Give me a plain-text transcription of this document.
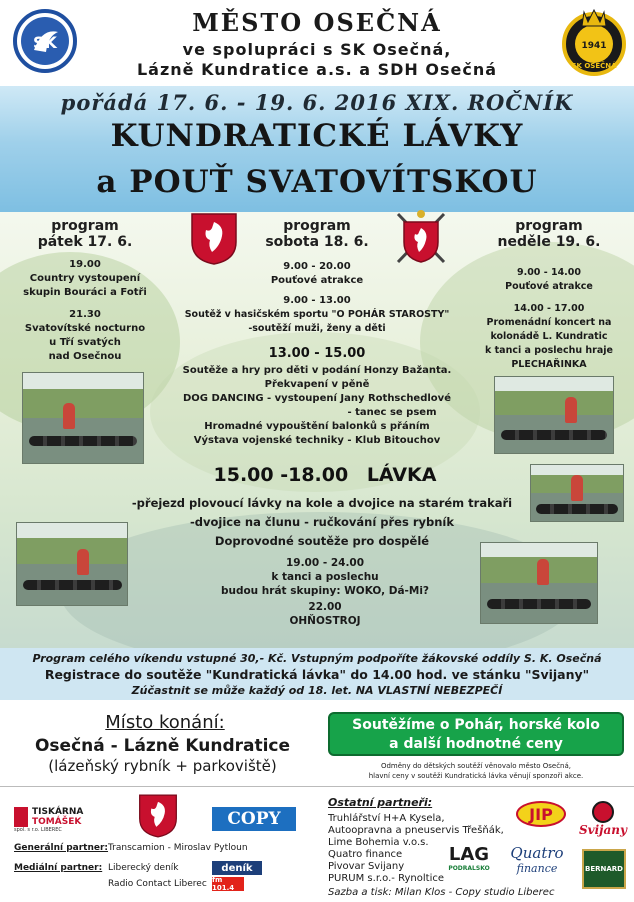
SK
MĚSTO OSEČNÁ
ve spolupráci s SK Osečná,
Lázně Kundratice a.s. a SDH Osečná
1941
SK OSEČNÁ
pořádá 17. 6. - 19. 6. 2016 XIX. ROČNÍK
KUNDRATICKÉ LÁVKY
a POUŤ SVATOVÍTSKOU
program
pátek 17. 6.
19.00
Country vystoupení
skupin Bouráci a Fotři
21.30
Svatovítské nocturno
u Tří svatých
nad Osečnou
program
sobota 18. 6.
9.00 - 20.00
Pouťové atrakce
9.00 - 13.00
Soutěž v hasičském sportu "O POHÁR STAROSTY"
-soutěží muži, ženy a děti
13.00 - 15.00
Soutěže a hry pro děti v podání Honzy Bažanta.
Překvapení v pěně
DOG DANCING - vystoupení Jany Rothschedlové
- tanec se psem
Hromadné vypouštění balonků s přáním
Výstava vojenské techniky - Klub Bitouchov
15.00 -18.00 LÁVKA
-přejezd plovoucí lávky na kole a dvojice na starém trakaři
-dvojice na člunu - ručkování přes rybník
Doprovodné soutěže pro dospělé
19.00 - 24.00
k tanci a poslechu
budou hrát skupiny: WOKO, Dá-Mi?
22.00
OHŇOSTROJ
program
neděle 19. 6.
9.00 - 14.00
Pouťové atrakce
14.00 - 17.00
Promenádní koncert na
kolonádě L. Kundratic
k tanci a poslechu hraje
PLECHAŘINKA
Program celého víkendu vstupné 30,- Kč. Vstupným podpoříte žákovské oddíly S. K. Osečná
Registrace do soutěže "Kundratická lávka" do 14.00 hod. ve stánku "Svijany"
Zúčastnit se může každý od 18. let. NA VLASTNÍ NEBEZPEČÍ
Místo konání:
Osečná - Lázně Kundratice
(lázeňský rybník + parkoviště)
Soutěžíme o Pohár, horské kolo
a další hodnotné ceny
Odměny do dětských soutěží věnovalo město Osečná,
hlavní ceny v soutěži Kundratická lávka věnují sponzoři akce.
TISKÁRNA
TOMÁŠEK
spol. s r.o. LIBEREC
COPY
Generální partner: Transcamion - Miroslav Pytloun
Mediální partner: Liberecký deník
Radio Contact Liberec
deník
fm 101.4
Ostatní partneři:
Truhlářství H+A Kysela,
Autoopravna a pneuservis Třešňák,
Lime Bohemia v.o.s.
Quatro finance
Pivovar Svijany
PURUM s.r.o.- Rynoltice
Sazba a tisk: Milan Klos - Copy studio Liberec
JIP
Svijany
LAG
PODRALSKO
Quatro
finance	BERNARD
